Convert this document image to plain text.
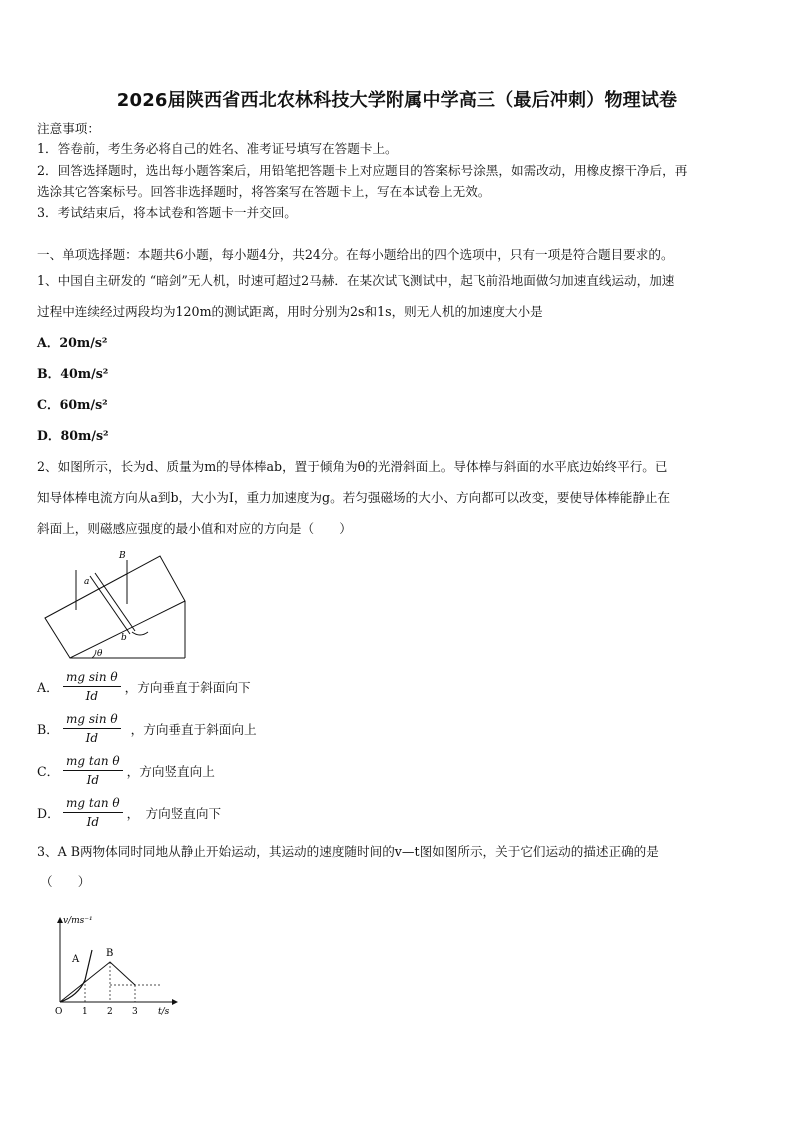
2026届陕西省西北农林科技大学附属中学高三（最后冲刺）物理试卷
注意事项：
1．答卷前，考生务必将自己的姓名、准考证号填写在答题卡上。
2．回答选择题时，选出每小题答案后，用铅笔把答题卡上对应题目的答案标号涂黑，如需改动，用橡皮擦干净后，再
选涂其它答案标号。回答非选择题时，将答案写在答题卡上，写在本试卷上无效。
3．考试结束后，将本试卷和答题卡一并交回。
一、单项选择题：本题共6小题，每小题4分，共24分。在每小题给出的四个选项中，只有一项是符合题目要求的。
1、中国自主研发的 “暗剑”无人机，时速可超过2马赫．在某次试飞测试中，起飞前沿地面做匀加速直线运动，加速
过程中连续经过两段均为120m的测试距离，用时分别为2s和1s，则无人机的加速度大小是
A．20m/s²
B．40m/s²
C．60m/s²
D．80m/s²
2、如图所示，长为d、质量为m的导体棒ab，置于倾角为θ的光滑斜面上。导体棒与斜面的水平底边始终平行。已
知导体棒电流方向从a到b，大小为I，重力加速度为g。若匀强磁场的大小、方向都可以改变，要使导体棒能静止在
斜面上，则磁感应强度的最小值和对应的方向是（　　）
B
a
b
θ
A． $\frac{\text{mg sin θ}}{Id}$ ，方向垂直于斜面向下
B． $\frac{\text{mg sin θ}}{Id}$ ，方向垂直于斜面向上
C． $\frac{\text{mg tan θ}}{Id}$ ，方向竖直向上
D． $\frac{\text{mg tan θ}}{Id}$ ，　方向竖直向下
3、A B两物体同时同地从静止开始运动，其运动的速度随时间的v—t图如图所示，关于它们运动的描述正确的是
（　　）
v/ms⁻¹
t/s
O 1 2 3
A
B
